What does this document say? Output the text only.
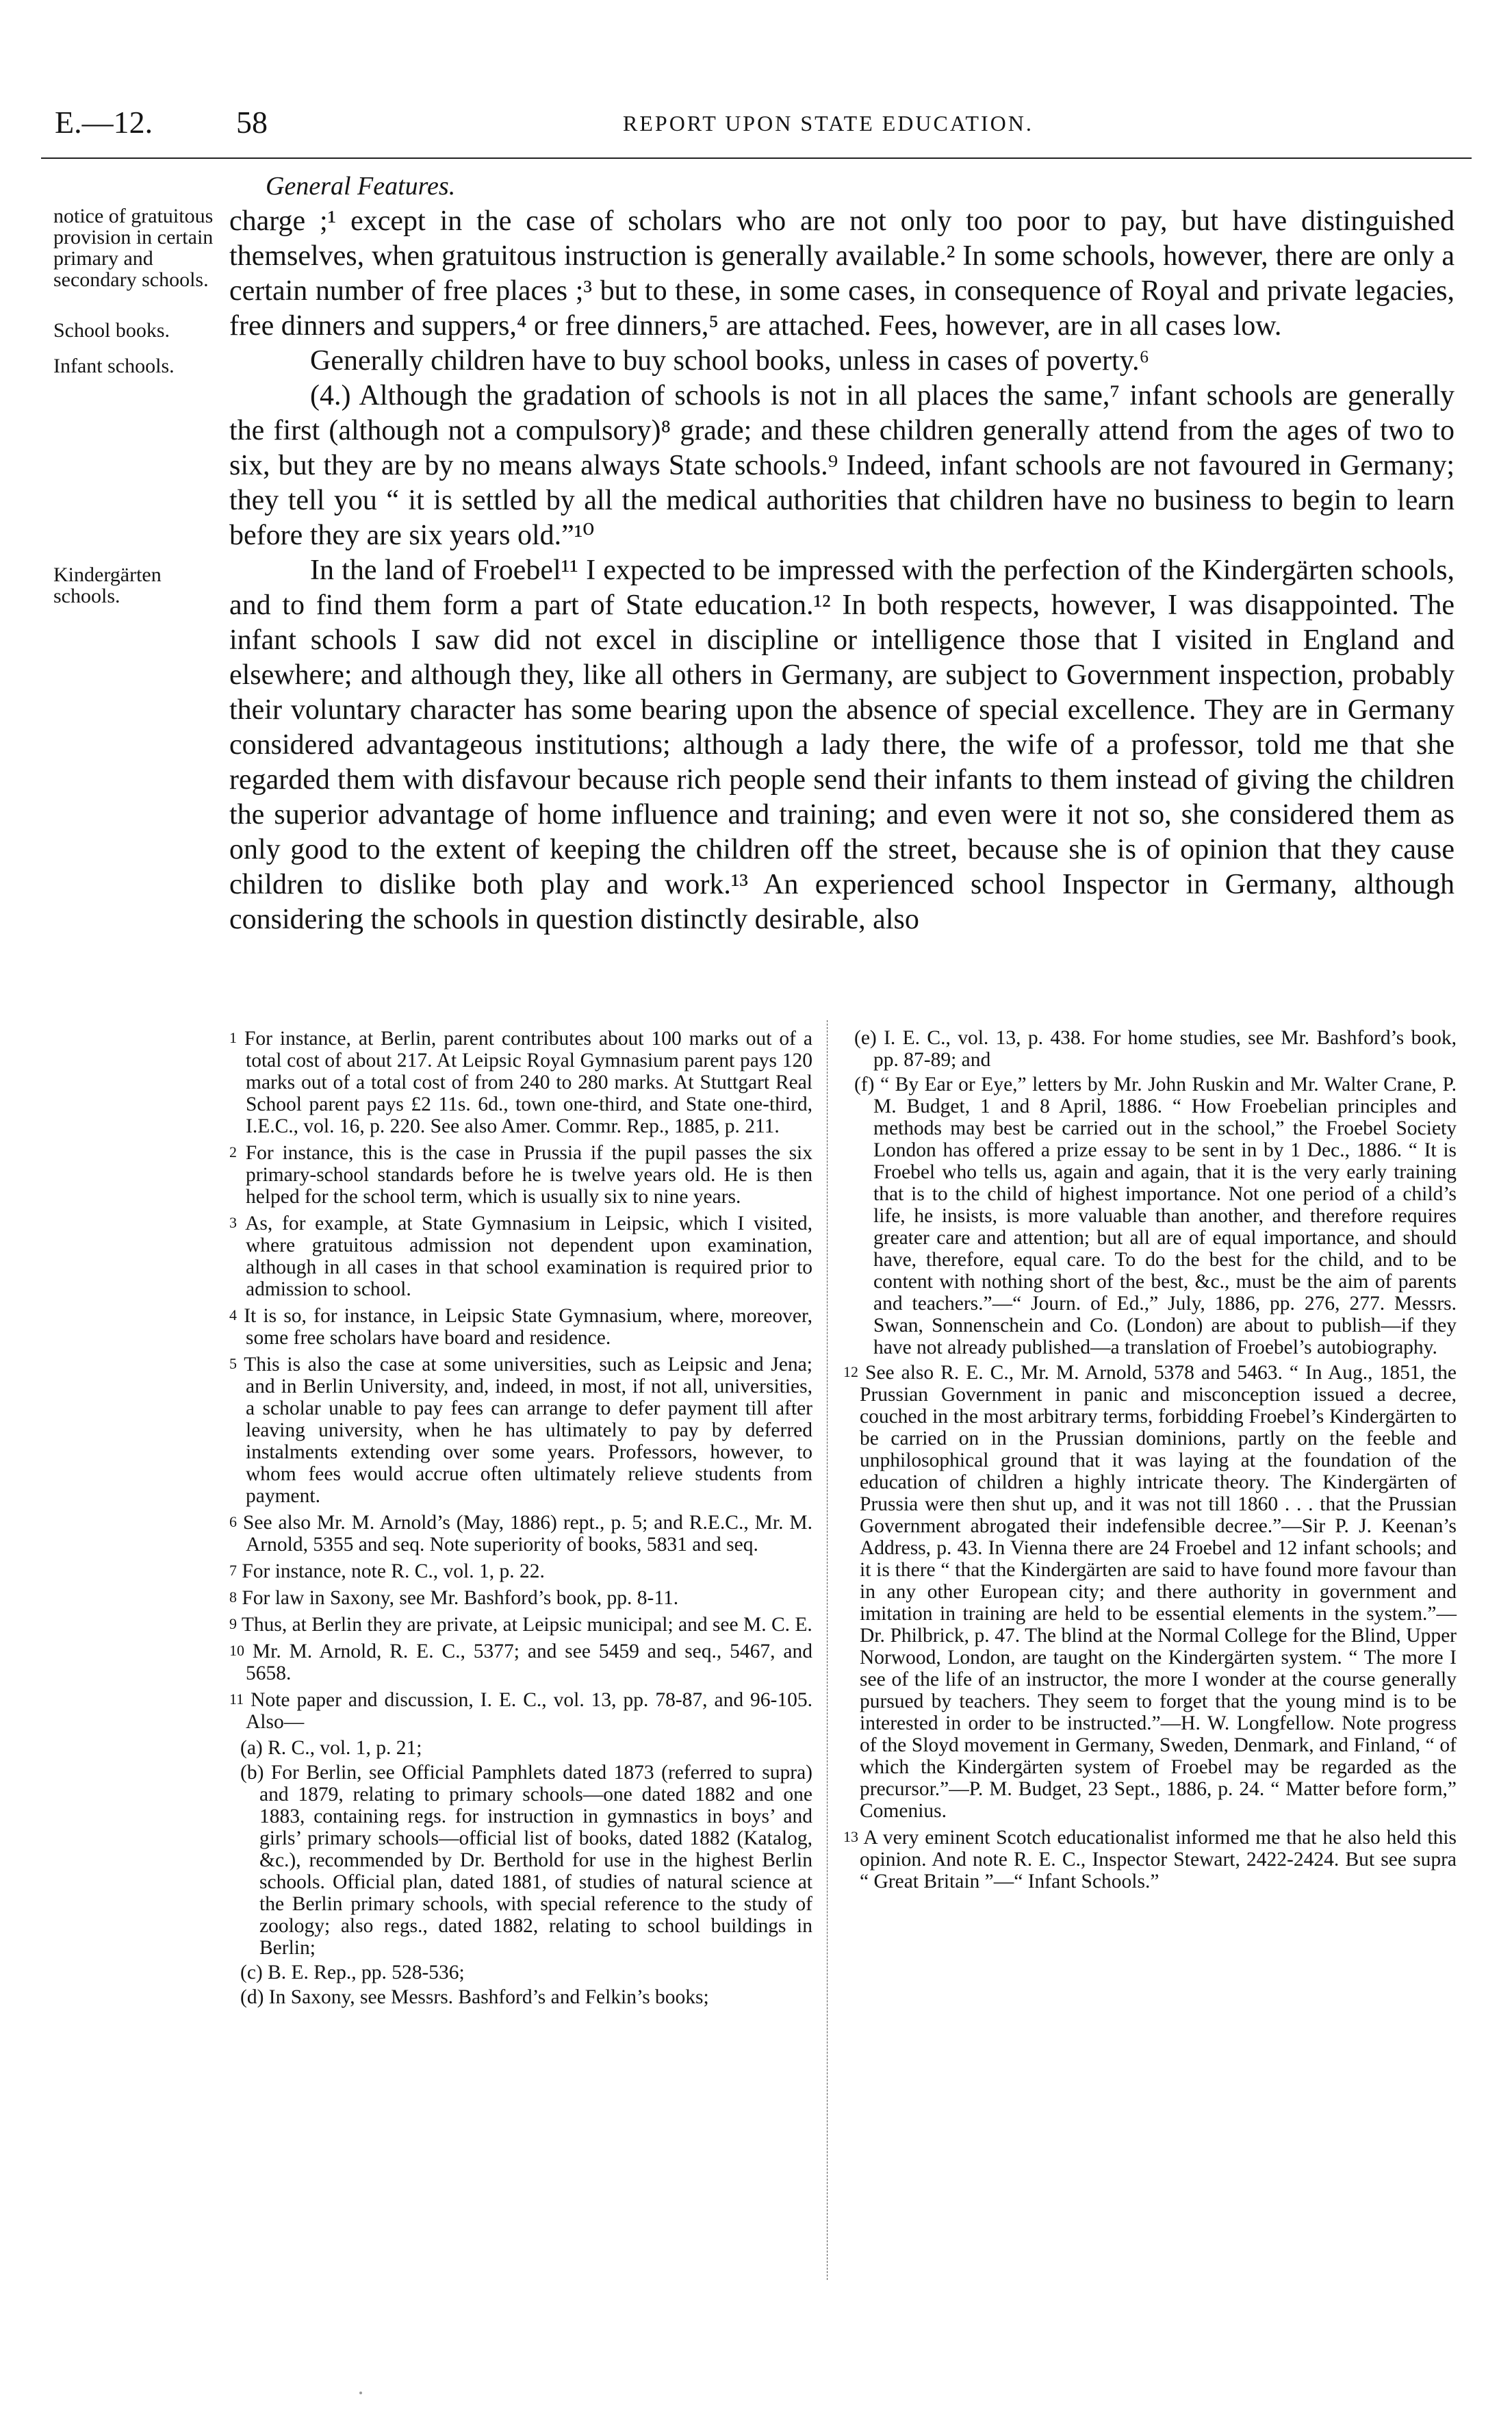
E.—12.	58	REPORT UPON STATE EDUCATION.
General Features.
notice of gratuitous provision in certain primary and secondary schools.
School books.
Infant schools.
Kindergärten schools.

charge ;¹ except in the case of scholars who are not only too poor to pay, but have distinguished themselves, when gratuitous instruction is generally available.² In some schools, however, there are only a certain number of free places ;³ but to these, in some cases, in consequence of Royal and private legacies, free dinners and suppers,⁴ or free dinners,⁵ are attached. Fees, however, are in all cases low.

Generally children have to buy school books, unless in cases of poverty.⁶

(4.) Although the gradation of schools is not in all places the same,⁷ infant schools are generally the first (although not a compulsory)⁸ grade; and these children generally attend from the ages of two to six, but they are by no means always State schools.⁹ Indeed, infant schools are not favoured in Germany; they tell you “ it is settled by all the medical authorities that children have no business to begin to learn before they are six years old.”¹⁰

In the land of Froebel¹¹ I expected to be impressed with the perfection of the Kindergärten schools, and to find them form a part of State education.¹² In both respects, however, I was disappointed. The infant schools I saw did not excel in discipline or intelligence those that I visited in England and elsewhere; and although they, like all others in Germany, are subject to Government inspection, probably their voluntary character has some bearing upon the absence of special excellence. They are in Germany considered advantageous institutions; although a lady there, the wife of a professor, told me that she regarded them with disfavour because rich people send their infants to them instead of giving the children the superior advantage of home influence and training; and even were it not so, she considered them as only good to the extent of keeping the children off the street, because she is of opinion that they cause children to dislike both play and work.¹³ An experienced school Inspector in Germany, although considering the schools in question distinctly desirable, also

1 For instance, at Berlin, parent contributes about 100 marks out of a total cost of about 217. At Leipsic Royal Gymnasium parent pays 120 marks out of a total cost of from 240 to 280 marks. At Stuttgart Real School parent pays £2 11s. 6d., town one-third, and State one-third, I.E.C., vol. 16, p. 220. See also Amer. Commr. Rep., 1885, p. 211.
2 For instance, this is the case in Prussia if the pupil passes the six primary-school standards before he is twelve years old. He is then helped for the school term, which is usually six to nine years.
3 As, for example, at State Gymnasium in Leipsic, which I visited, where gratuitous admission not dependent upon examination, although in all cases in that school examination is required prior to admission to school.
4 It is so, for instance, in Leipsic State Gymnasium, where, moreover, some free scholars have board and residence.
5 This is also the case at some universities, such as Leipsic and Jena; and in Berlin University, and, indeed, in most, if not all, universities, a scholar unable to pay fees can arrange to defer payment till after leaving university, when he has ultimately to pay by deferred instalments extending over some years. Professors, however, to whom fees would accrue often ultimately relieve students from payment.
6 See also Mr. M. Arnold’s (May, 1886) rept., p. 5; and R.E.C., Mr. M. Arnold, 5355 and seq. Note superiority of books, 5831 and seq.
7 For instance, note R. C., vol. 1, p. 22.
8 For law in Saxony, see Mr. Bashford’s book, pp. 8-11.
9 Thus, at Berlin they are private, at Leipsic municipal; and see M. C. E.
10 Mr. M. Arnold, R. E. C., 5377; and see 5459 and seq., 5467, and 5658.
11 Note paper and discussion, I. E. C., vol. 13, pp. 78-87, and 96-105. Also—
(a) R. C., vol. 1, p. 21;
(b) For Berlin, see Official Pamphlets dated 1873 (referred to supra) and 1879, relating to primary schools—one dated 1882 and one 1883, containing regs. for instruction in gymnastics in boys’ and girls’ primary schools—official list of books, dated 1882 (Katalog, &c.), recommended by Dr. Berthold for use in the highest Berlin schools. Official plan, dated 1881, of studies of natural science at the Berlin primary schools, with special reference to the study of zoology; also regs., dated 1882, relating to school buildings in Berlin;
(c) B. E. Rep., pp. 528-536;
(d) In Saxony, see Messrs. Bashford’s and Felkin’s books;
(e) I. E. C., vol. 13, p. 438. For home studies, see Mr. Bashford’s book, pp. 87-89; and
(f) “ By Ear or Eye,” letters by Mr. John Ruskin and Mr. Walter Crane, P. M. Budget, 1 and 8 April, 1886. “ How Froebelian principles and methods may best be carried out in the school,” the Froebel Society London has offered a prize essay to be sent in by 1 Dec., 1886. “ It is Froebel who tells us, again and again, that it is the very early training that is to the child of highest importance. Not one period of a child’s life, he insists, is more valuable than another, and therefore requires greater care and attention; but all are of equal importance, and should have, therefore, equal care. To do the best for the child, and to be content with nothing short of the best, &c., must be the aim of parents and teachers.”—“ Journ. of Ed.,” July, 1886, pp. 276, 277. Messrs. Swan, Sonnenschein and Co. (London) are about to publish—if they have not already published—a translation of Froebel’s autobiography.
12 See also R. E. C., Mr. M. Arnold, 5378 and 5463. “ In Aug., 1851, the Prussian Government in panic and misconception issued a decree, couched in the most arbitrary terms, forbidding Froebel’s Kindergärten to be carried on in the Prussian dominions, partly on the feeble and unphilosophical ground that it was laying at the foundation of the education of children a highly intricate theory. The Kindergärten of Prussia were then shut up, and it was not till 1860 . . . that the Prussian Government abrogated their indefensible decree.”—Sir P. J. Keenan’s Address, p. 43. In Vienna there are 24 Froebel and 12 infant schools; and it is there “ that the Kindergärten are said to have found more favour than in any other European city; and there authority in government and imitation in training are held to be essential elements in the system.”—Dr. Philbrick, p. 47. The blind at the Normal College for the Blind, Upper Norwood, London, are taught on the Kindergärten system. “ The more I see of the life of an instructor, the more I wonder at the course generally pursued by teachers. They seem to forget that the young mind is to be interested in order to be instructed.”—H. W. Longfellow. Note progress of the Sloyd movement in Germany, Sweden, Denmark, and Finland, “ of which the Kindergärten system of Froebel may be regarded as the precursor.”—P. M. Budget, 23 Sept., 1886, p. 24. “ Matter before form,” Comenius.
13 A very eminent Scotch educationalist informed me that he also held this opinion. And note R. E. C., Inspector Stewart, 2422-2424. But see supra “ Great Britain ”—“ Infant Schools.”
